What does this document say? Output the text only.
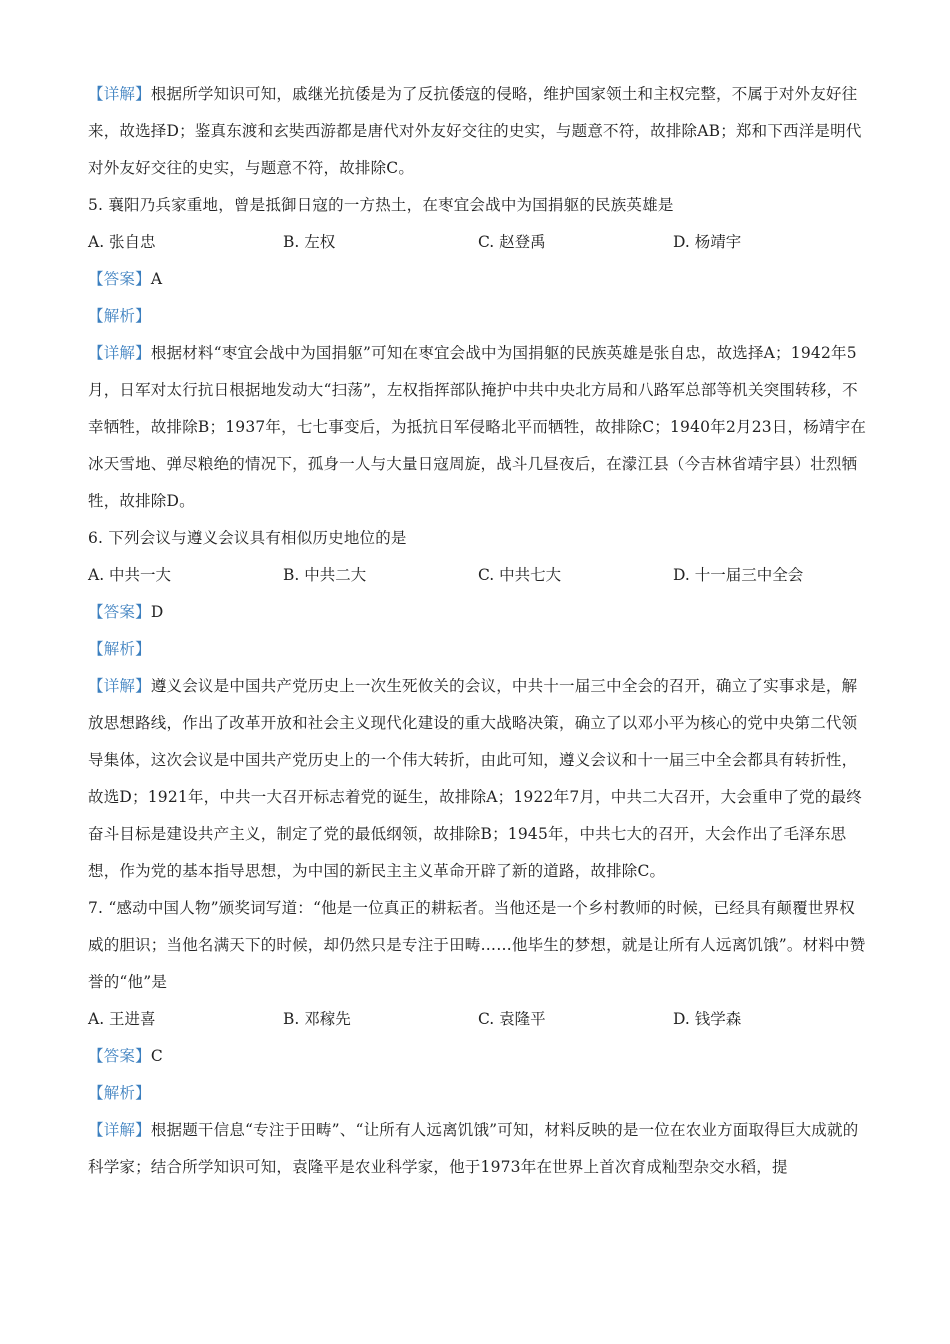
【详解】根据所学知识可知，戚继光抗倭是为了反抗倭寇的侵略，维护国家领土和主权完整，不属于对外友好往来，故选择D；鉴真东渡和玄奘西游都是唐代对外友好交往的史实，与题意不符，故排除AB；郑和下西洋是明代对外友好交往的史实，与题意不符，故排除C。

5. 襄阳乃兵家重地，曾是抵御日寇的一方热土，在枣宜会战中为国捐躯的民族英雄是

A. 张自忠	B. 左权	C. 赵登禹	D. 杨靖宇

【答案】A

【解析】

【详解】根据材料“枣宜会战中为国捐躯”可知在枣宜会战中为国捐躯的民族英雄是张自忠，故选择A；1942年5月，日军对太行抗日根据地发动大“扫荡”，左权指挥部队掩护中共中央北方局和八路军总部等机关突围转移，不幸牺牲，故排除B；1937年，七七事变后，为抵抗日军侵略北平而牺牲，故排除C；1940年2月23日，杨靖宇在冰天雪地、弹尽粮绝的情况下，孤身一人与大量日寇周旋，战斗几昼夜后，在濛江县（今吉林省靖宇县）壮烈牺牲，故排除D。

6. 下列会议与遵义会议具有相似历史地位的是

A. 中共一大	B. 中共二大	C. 中共七大	D. 十一届三中全会

【答案】D

【解析】

【详解】遵义会议是中国共产党历史上一次生死攸关的会议，中共十一届三中全会的召开，确立了实事求是，解放思想路线，作出了改革开放和社会主义现代化建设的重大战略决策，确立了以邓小平为核心的党中央第二代领导集体，这次会议是中国共产党历史上的一个伟大转折，由此可知，遵义会议和十一届三中全会都具有转折性，故选D；1921年，中共一大召开标志着党的诞生，故排除A；1922年7月，中共二大召开，大会重申了党的最终奋斗目标是建设共产主义，制定了党的最低纲领，故排除B；1945年，中共七大的召开，大会作出了毛泽东思想，作为党的基本指导思想，为中国的新民主主义革命开辟了新的道路，故排除C。

7. “感动中国人物”颁奖词写道：“他是一位真正的耕耘者。当他还是一个乡村教师的时候，已经具有颠覆世界权威的胆识；当他名满天下的时候，却仍然只是专注于田畴……他毕生的梦想，就是让所有人远离饥饿”。材料中赞誉的“他”是

A. 王进喜	B. 邓稼先	C. 袁隆平	D. 钱学森

【答案】C

【解析】

【详解】根据题干信息“专注于田畴”、“让所有人远离饥饿”可知，材料反映的是一位在农业方面取得巨大成就的科学家；结合所学知识可知，袁隆平是农业科学家，他于1973年在世界上首次育成籼型杂交水稻，提
